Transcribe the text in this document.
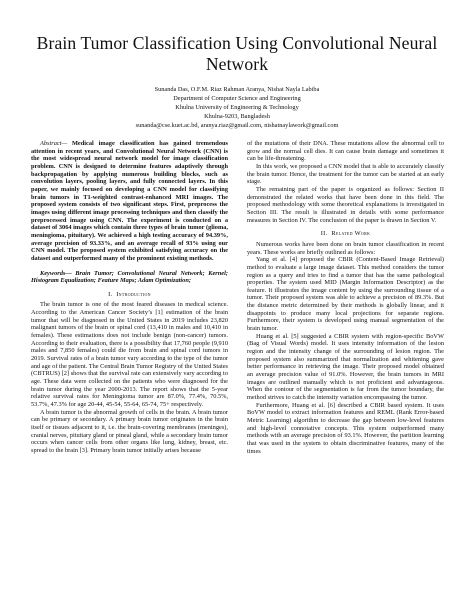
Brain Tumor Classification Using Convolutional Neural Network
Sunanda Das, O.F.M. Riaz Rahman Aranya, Nishat Nayla Labiba
Department of Computer Science and Engineering
Khulna University of Engineering & Technology
Khulna-9203, Bangladesh
sunanda@cse.kuet.ac.bd, aranya.riaz@gmail.com, nishatnaylawork@gmail.com

Abstract— Medical image classification has gained tremendous attention in recent years, and Convolutional Neural Network (CNN) is the most widespread neural network model for image classification problem. CNN is designed to determine features adaptively through backpropagation by applying numerous building blocks, such as convolution layers, pooling layers, and fully connected layers. In this paper, we mainly focused on developing a CNN model for classifying brain tumors in T1-weighted contrast-enhanced MRI images. The proposed system consists of two significant steps. First, preprocess the images using different image processing techniques and then classify the preprocessed image using CNN. The experiment is conducted on a dataset of 3064 images which contain three types of brain tumor (glioma, meningioma, pituitary). We achieved a high testing accuracy of 94.39%, average precision of 93.33%, and an average recall of 93% using our CNN model. The proposed system exhibited satisfying accuracy on the dataset and outperformed many of the prominent existing methods.

Keywords— Brain Tumor; Convolutional Neural Network; Kernel; Histogram Equalization; Feature Maps; Adam Optimization;

I. Introduction

The brain tumor is one of the most feared diseases in medical science. According to the American Cancer Society’s [1] estimation of the brain tumor that will be diagnosed in the United States in 2019 includes 23,820 malignant tumors of the brain or spinal cord (13,410 in males and 10,410 in females). These estimations does not include benign (non-cancer) tumors. According to their evaluation, there is a possibility that 17,760 people (9,910 males and 7,850 females) could die from brain and spinal cord tumors in 2019. Survival rates of a brain tumor vary according to the type of the tumor and age of the patient. The Central Brain Tumor Registry of the United States (CBTRUS) [2] shows that the survival rate can extensively vary according to age. These data were collected on the patients who were diagnosed for the brain tumor during the year 2000-2013. The report shows that the 5-year relative survival rates for Meningioma tumor are 87.0%, 77.4%, 70.5%, 53.7%, 47.3% for age 20-44, 45-54, 55-64, 65-74, 75+ respectively.

A brain tumor is the abnormal growth of cells in the brain. A brain tumor can be primary or secondary. A primary brain tumor originates in the brain itself or tissues adjacent to it, i.e. the brain-covering membranes (meninges), cranial nerves, pituitary gland or pineal gland, while a secondary brain tumor occurs when cancer cells from other organs like lung, kidney, breast, etc. spread to the brain [3]. Primary brain tumor initially arises because

of the mutations of their DNA. These mutations allow the abnormal cell to grow and the normal cell dies. It can cause brain damage and sometimes it can be life-threatening.

In this work, we proposed a CNN model that is able to accurately classify the brain tumor. Hence, the treatment for the tumor can be started at an early stage.

The remaining part of the paper is organized as follows: Section II demonstrated the related works that have been done in this field. The proposed methodology with some theoretical explanations is investigated in Section III. The result is illustrated in details with some performance measures in Section IV. The conclusion of the paper is drawn in Section V.

II. Related Work

Numerous works have been done on brain tumor classification in recent years. These works are briefly outlined as follows:

Yang et al. [4] proposed the CBIR (Content-Based Image Retrieval) method to evaluate a large image dataset. This method considers the tumor region as a query and tries to find a tumor that has the same pathological properties. The system used MID (Margin Information Descriptor) as the feature. It illustrates the image content by using the surrounding tissue of a tumor. Their proposed system was able to achieve a precision of 89.3%. But the distance metric determined by their methods is globally linear, and it disappoints to produce many local projections for separate regions. Furthermore, their system is developed using manual segmentation of the brain tumor.

Huang et al. [5] suggested a CBIR system with region-specific BoVW (Bag of Visual Words) model. It uses intensity information of the lesion region and the intensity change of the surrounding of lesion region. The proposed system also summarized that normalization and whitening gave better performance in retrieving the image. Their proposed model obtained an average precision value of 91.0%. However, the brain tumors in MRI images are outlined manually which is not proficient and advantageous. When the contour of the segmentation is far from the tumor boundary, the method strives to catch the intensity variation encompassing the tumor.

Furthermore, Huang et al. [6] described a CBIR based system. It uses BoVW model to extract information features and REML (Rank Error-based Metric Learning) algorithm to decrease the gap between low-level features and high-level connotative concepts. This system outperformed many methods with an average precision of 93.1%. However, the partition learning that was used in the system to obtain discriminative features, many of the times
